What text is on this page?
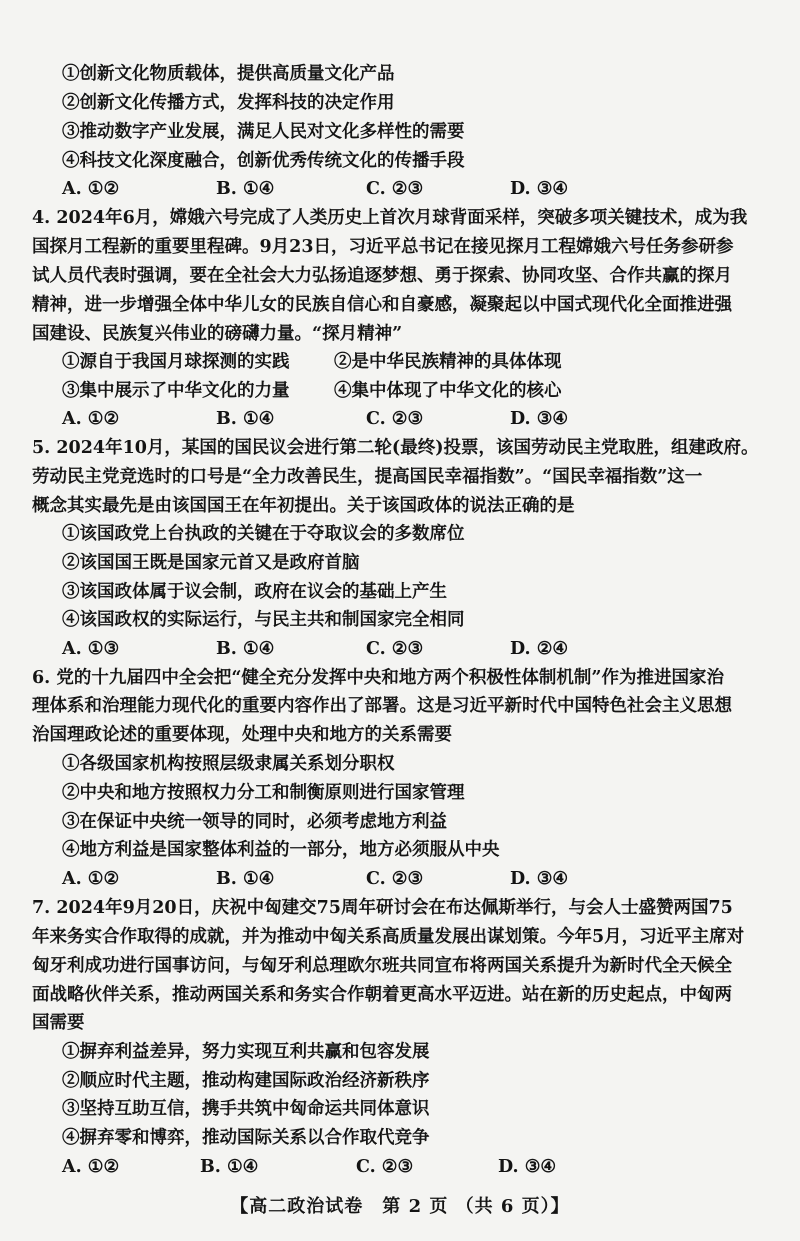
①创新文化物质载体，提供高质量文化产品
②创新文化传播方式，发挥科技的决定作用
③推动数字产业发展，满足人民对文化多样性的需要
④科技文化深度融合，创新优秀传统文化的传播手段
A. ①②	B. ①④	C. ②③	D. ③④
4. 2024年6月，嫦娥六号完成了人类历史上首次月球背面采样，突破多项关键技术，成为我
国探月工程新的重要里程碑。9月23日，习近平总书记在接见探月工程嫦娥六号任务参研参
试人员代表时强调，要在全社会大力弘扬追逐梦想、勇于探索、协同攻坚、合作共赢的探月
精神，进一步增强全体中华儿女的民族自信心和自豪感，凝聚起以中国式现代化全面推进强
国建设、民族复兴伟业的磅礴力量。“探月精神”
①源自于我国月球探测的实践	②是中华民族精神的具体体现
③集中展示了中华文化的力量	④集中体现了中华文化的核心
A. ①②	B. ①④	C. ②③	D. ③④
5. 2024年10月，某国的国民议会进行第二轮(最终)投票，该国劳动民主党取胜，组建政府。
劳动民主党竞选时的口号是“全力改善民生，提高国民幸福指数”。“国民幸福指数”这一
概念其实最先是由该国国王在年初提出。关于该国政体的说法正确的是
①该国政党上台执政的关键在于夺取议会的多数席位
②该国国王既是国家元首又是政府首脑
③该国政体属于议会制，政府在议会的基础上产生
④该国政权的实际运行，与民主共和制国家完全相同
A. ①③	B. ①④	C. ②③	D. ②④
6. 党的十九届四中全会把“健全充分发挥中央和地方两个积极性体制机制”作为推进国家治
理体系和治理能力现代化的重要内容作出了部署。这是习近平新时代中国特色社会主义思想
治国理政论述的重要体现，处理中央和地方的关系需要
①各级国家机构按照层级隶属关系划分职权
②中央和地方按照权力分工和制衡原则进行国家管理
③在保证中央统一领导的同时，必须考虑地方利益
④地方利益是国家整体利益的一部分，地方必须服从中央
A. ①②	B. ①④	C. ②③	D. ③④
7. 2024年9月20日，庆祝中匈建交75周年研讨会在布达佩斯举行，与会人士盛赞两国75
年来务实合作取得的成就，并为推动中匈关系高质量发展出谋划策。今年5月，习近平主席对
匈牙利成功进行国事访问，与匈牙利总理欧尔班共同宣布将两国关系提升为新时代全天候全
面战略伙伴关系，推动两国关系和务实合作朝着更高水平迈进。站在新的历史起点，中匈两
国需要
①摒弃利益差异，努力实现互利共赢和包容发展
②顺应时代主题，推动构建国际政治经济新秩序
③坚持互助互信，携手共筑中匈命运共同体意识
【高二政治试卷　第 2 页 （共 6 页）】
④摒弃零和博弈，推动国际关系以合作取代竞争
A. ①②	B. ①④	C. ②③	D. ③④
